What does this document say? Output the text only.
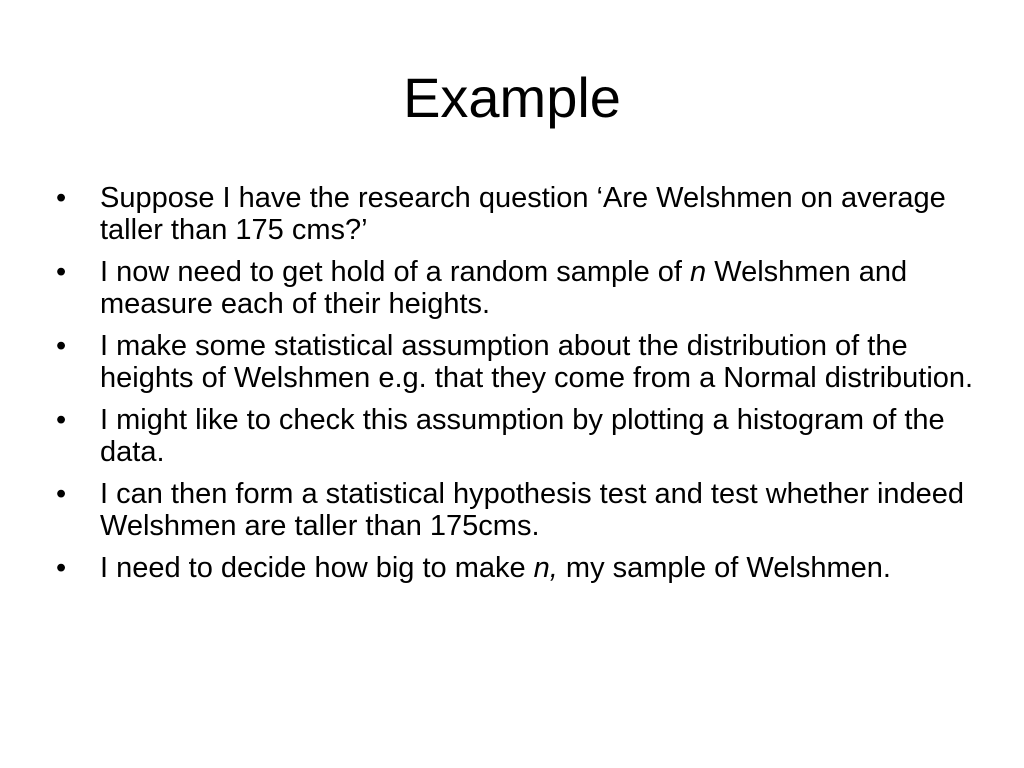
Example
•	Suppose I have the research question ‘Are Welshmen on average taller than 175 cms?’
•	I now need to get hold of a random sample of n Welshmen and measure each of their heights.
•	I make some statistical assumption about the distribution of the heights of Welshmen e.g. that they come from a Normal distribution.
•	I might like to check this assumption by plotting a histogram of the data.
•	I can then form a statistical hypothesis test and test whether indeed Welshmen are taller than 175cms.
•	I need to decide how big to make n, my sample of Welshmen.
